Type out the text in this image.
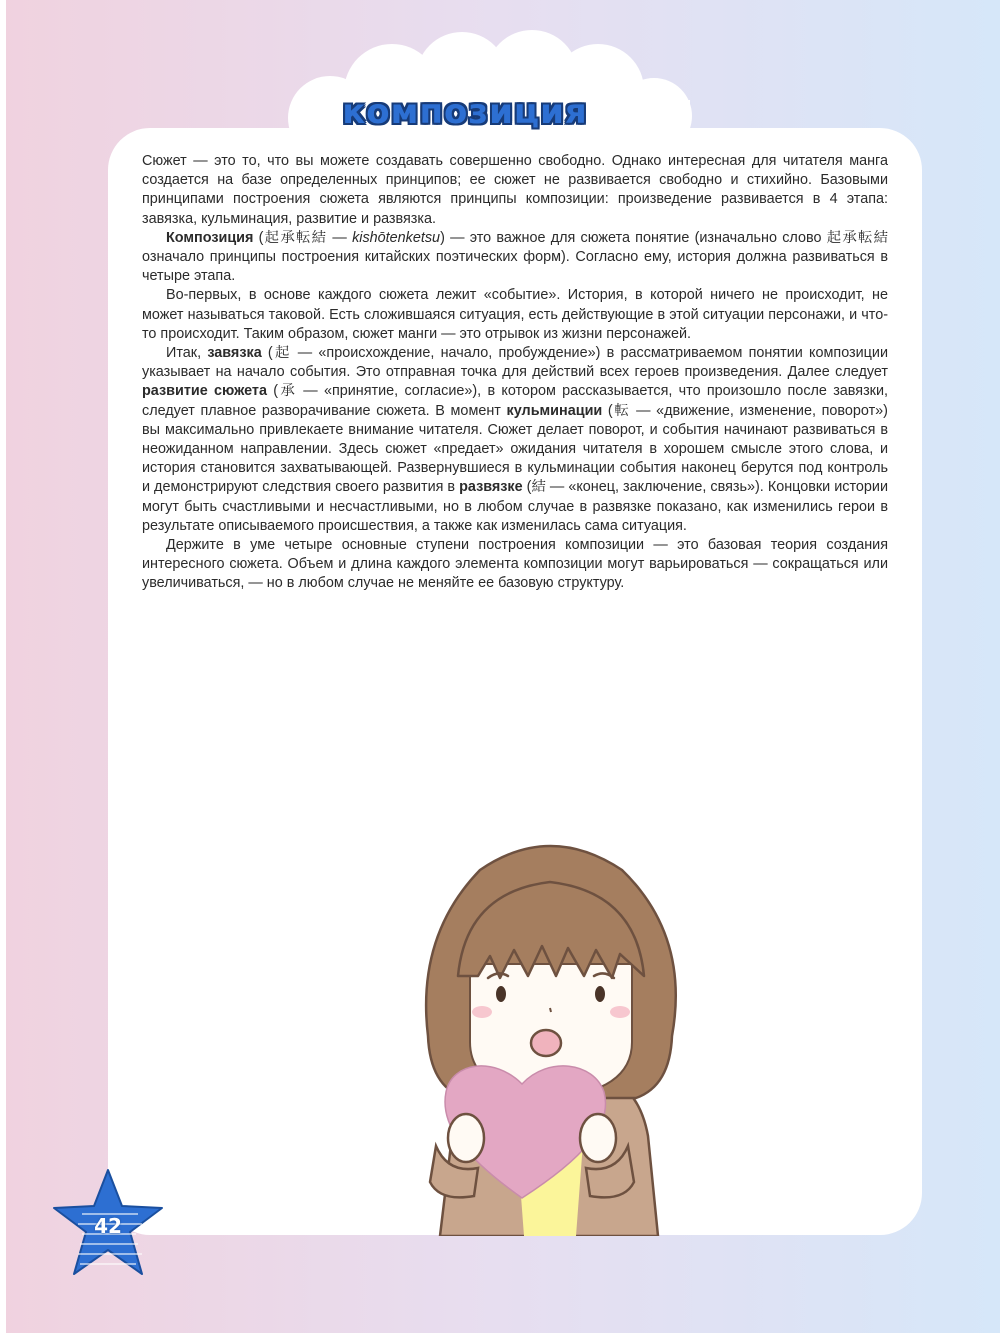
композиция

Сюжет — это то, что вы можете создавать совершенно свободно. Однако интересная для читателя манга создается на базе определенных принципов; ее сюжет не развивается свободно и стихийно. Базовыми принципами построения сюжета являются принципы композиции: произведение развивается в 4 этапа: завязка, кульминация, развитие и развязка.

Композиция (起承転結 — kishōtenketsu) — это важное для сюжета понятие (изначально слово 起承転結 означало принципы построения китайских поэтических форм). Согласно ему, история должна развиваться в четыре этапа.

Во-первых, в основе каждого сюжета лежит «событие». История, в которой ничего не происходит, не может называться таковой. Есть сложившаяся ситуация, есть действующие в этой ситуации персонажи, и что-то происходит. Таким образом, сюжет манги — это отрывок из жизни персонажей.

Итак, завязка (起 — «происхождение, начало, пробуждение») в рассматриваемом понятии композиции указывает на начало события. Это отправная точка для действий всех героев произведения. Далее следует развитие сюжета (承 — «принятие, согласие»), в котором рассказывается, что произошло после завязки, следует плавное разворачивание сюжета. В момент кульминации (転 — «движение, изменение, поворот») вы максимально привлекаете внимание читателя. Сюжет делает поворот, и события начинают развиваться в неожиданном направлении. Здесь сюжет «предает» ожидания читателя в хорошем смысле этого слова, и история становится захватывающей. Развернувшиеся в кульминации события наконец берутся под контроль и демонстрируют следствия своего развития в развязке (結 — «конец, заключение, связь»). Концовки истории могут быть счастливыми и несчастливыми, но в любом случае в развязке показано, как изменились герои в результате описываемого происшествия, а также как изменилась сама ситуация.

Держите в уме четыре основные ступени построения композиции — это базовая теория создания интересного сюжета. Объем и длина каждого элемента композиции могут варьироваться — сокращаться или увеличиваться, — но в любом случае не меняйте ее базовую структуру.

42
